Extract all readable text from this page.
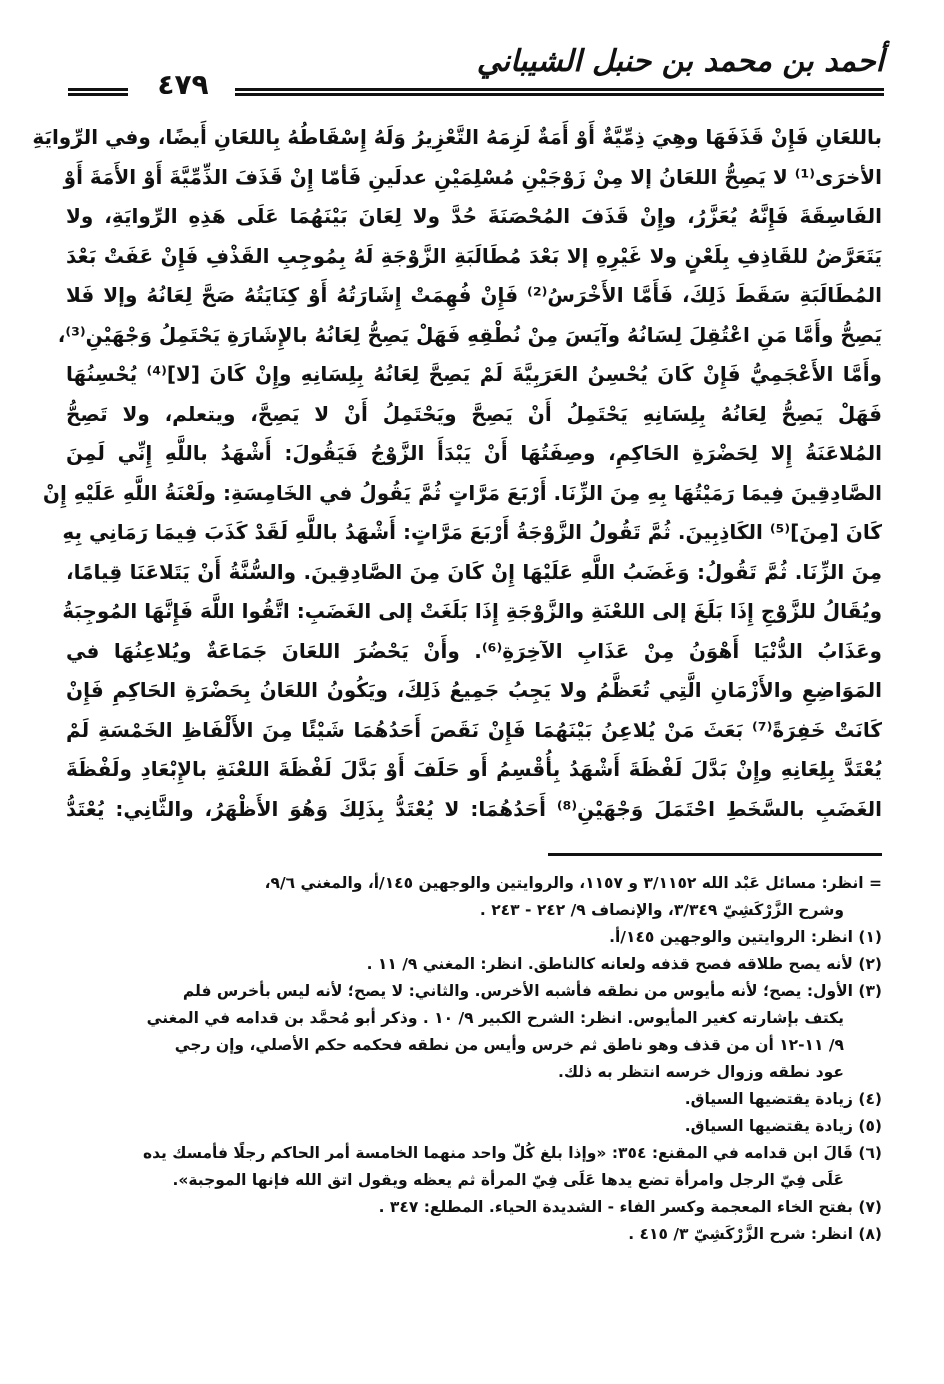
أحمد بن محمد بن حنبل الشيباني
٤٧٩
باللعَانِ فَإِنْ قَذَفَهَا وهِيَ ذِمِّيَّةٌ أَوْ أَمَةٌ لَزِمَهُ التَّعْزِيرُ وَلَهُ إِسْقَاطُهُ بِاللعَانِ أَيضًا، وفي الرِّوايَةِ
الأخرَى⁽¹⁾ لا يَصِحُّ اللعَانُ إلا مِنْ زَوْجَيْنِ مُسْلِمَيْنِ عدلَينِ فَأمّا إِنْ قَذَفَ الذِّمِّيَّةَ أَوْ الأَمَةَ أَوْ
الفَاسِقَةَ فَإِنَّهُ يُعَزَّرُ، وإِنْ قَذَفَ المُحْصَنَةَ حُدَّ ولا لِعَانَ بَيْنَهُمَا عَلَى هَذِهِ الرِّوايَةِ، ولا
يَتَعَرَّضُ للقَاذِفِ بِلَعْنٍ ولا غَيْرِهِ إلا بَعْدَ مُطَالَبَةِ الزَّوْجَةِ لَهُ بِمُوجِبِ القَذْفِ فَإِنْ عَفَتْ بَعْدَ
المُطَالَبَةِ سَقَطَ ذَلِكَ، فَأَمَّا الأَخْرَسُ⁽²⁾ فَإِنْ فُهِمَتْ إِشَارَتُهُ أَوْ كِنَايَتُهُ صَحَّ لِعَانُهُ وإلا فَلا
يَصِحُّ وأَمَّا مَنِ اعْتُقِلَ لِسَانُهُ وآيَسَ مِنْ نُطْقِهِ فَهَلْ يَصِحُّ لِعَانُهُ بالإِشَارَةِ يَحْتَمِلُ وَجْهَيْنِ⁽³⁾،
وأَمَّا الأَعْجَمِيُّ فَإِنْ كَانَ يُحْسِنُ العَرَبِيَّةَ لَمْ يَصِحَّ لِعَانُهُ بِلِسَانِهِ وإِنْ كَانَ [لا]⁽⁴⁾ يُحْسِنُهَا
فَهَلْ يَصِحُّ لِعَانُهُ بِلِسَانِهِ يَحْتَمِلُ أَنْ يَصِحَّ ويَحْتَمِلُ أَنْ لا يَصِحَّ، ويتعلم، ولا تَصِحُّ
المُلاعَنَةُ إِلا لِحَضْرَةِ الحَاكِمِ، وصِفَتُهَا أَنْ يَبْدَأَ الزَّوْجُ فَيَقُولَ: أَشْهَدُ باللَّهِ إِنِّي لَمِنَ
الصَّادِقِينَ فِيمَا رَمَيْتُهَا بِهِ مِنَ الزِّنَا. أَرْبَعَ مَرَّاتٍ ثُمَّ يَقُولُ في الخَامِسَةِ: ولَعْنَةُ اللَّهِ عَلَيْهِ إِنْ
كَانَ [مِنَ]⁽⁵⁾ الكَاذِبِينَ. ثُمَّ تَقُولُ الزَّوْجَةُ أَرْبَعَ مَرَّاتٍ: أَشْهَدُ باللَّهِ لَقَدْ كَذَبَ فِيمَا رَمَانِي بِهِ
مِنَ الزِّنَا. ثُمَّ تَقُولُ: وَغَضَبُ اللَّهِ عَلَيْهَا إِنْ كَانَ مِنَ الصَّادِقِينَ. والسُّنَّةُ أَنْ يَتَلاعَنَا قِيامًا،
ويُقَالُ للزَّوْجِ إِذَا بَلَغَ إلى اللعْنَةِ والزَّوْجَةِ إِذَا بَلَغَتْ إلى الغَضَبِ: اتَّقُوا اللَّهَ فَإِنَّهَا المُوجِبَةُ
وعَذَابُ الدُّنْيَا أَهْوَنُ مِنْ عَذَابِ الآخِرَةِ⁽⁶⁾. وأَنْ يَحْضُرَ اللعَانَ جَمَاعَةٌ ويُلاعِنُهَا في
المَوَاضِعِ والأَزْمَانِ الَّتِي تُعَظَّمُ ولا يَجِبُ جَمِيعُ ذَلِكَ، ويَكُونُ اللعَانُ بِحَضْرَةِ الحَاكِمِ فَإِنْ
كَانَتْ خَفِرَةً⁽⁷⁾ بَعَثَ مَنْ يُلاعِنُ بَيْنَهُمَا فَإِنْ نَقَصَ أَحَدُهُمَا شَيْئًا مِنَ الأَلْفَاظِ الخَمْسَةِ لَمْ
يُعْتَدَّ بِلِعَانِهِ وإِنْ بَدَّلَ لَفْظَةَ أَشْهَدُ بِأُقْسِمُ أَو حَلَفَ أَوْ بَدَّلَ لَفْظَةَ اللعْنَةِ بالإِبْعَادِ ولَفْظَةَ
الغَضَبِ بالسَّخَطِ احْتَمَلَ وَجْهَيْنِ⁽⁸⁾ أَحَدُهُمَا: لا يُعْتَدُّ بِذَلِكَ وَهُوَ الأَظْهَرُ، والثَّانِي: يُعْتَدُّ
= انظر: مسائل عَبْد الله ٣/١١٥٢ و ١١٥٧، والروايتين والوجهين ١٤٥/أ، والمغني ٩/٦،
وشرح الزَّرْكَشِيّ ٣/٣٤٩، والإنصاف ٩/ ٢٤٢ - ٢٤٣ .
(١) انظر: الروايتين والوجهين ١٤٥/أ.
(٢) لأنه يصح طلاقه فصح قذفه ولعانه كالناطق. انظر: المغني ٩/ ١١ .
(٣) الأول: يصح؛ لأنه مأيوس من نطقه فأشبه الأخرس. والثاني: لا يصح؛ لأنه ليس بأخرس فلم
يكتف بإشارته كغير المأيوس. انظر: الشرح الكبير ٩/ ١٠ . وذكر أبو مُحمَّد بن قدامه في المغني
٩/ ١١-١٢ أن من قذف وهو ناطق ثم خرس وأيس من نطقه فحكمه حكم الأصلي، وإن رجي
عود نطقه وزوال خرسه انتظر به ذلك.
(٤) زيادة يقتضيها السياق.
(٥) زيادة يقتضيها السياق.
(٦) قَالَ ابن قدامه في المقنع: ٣٥٤: «وإذا بلغ كُلّ واحد منهما الخامسة أمر الحاكم رجلًا فأمسك يده
عَلَى فِيّ الرجل وامرأة تضع يدها عَلَى فِيّ المرأة ثم يعظه ويقول اتق الله فإنها الموجبة».
(٧) بفتح الخاء المعجمة وكسر الفاء - الشديدة الحياء. المطلع: ٣٤٧ .
(٨) انظر: شرح الزَّرْكَشِيّ ٣/ ٤١٥ .
